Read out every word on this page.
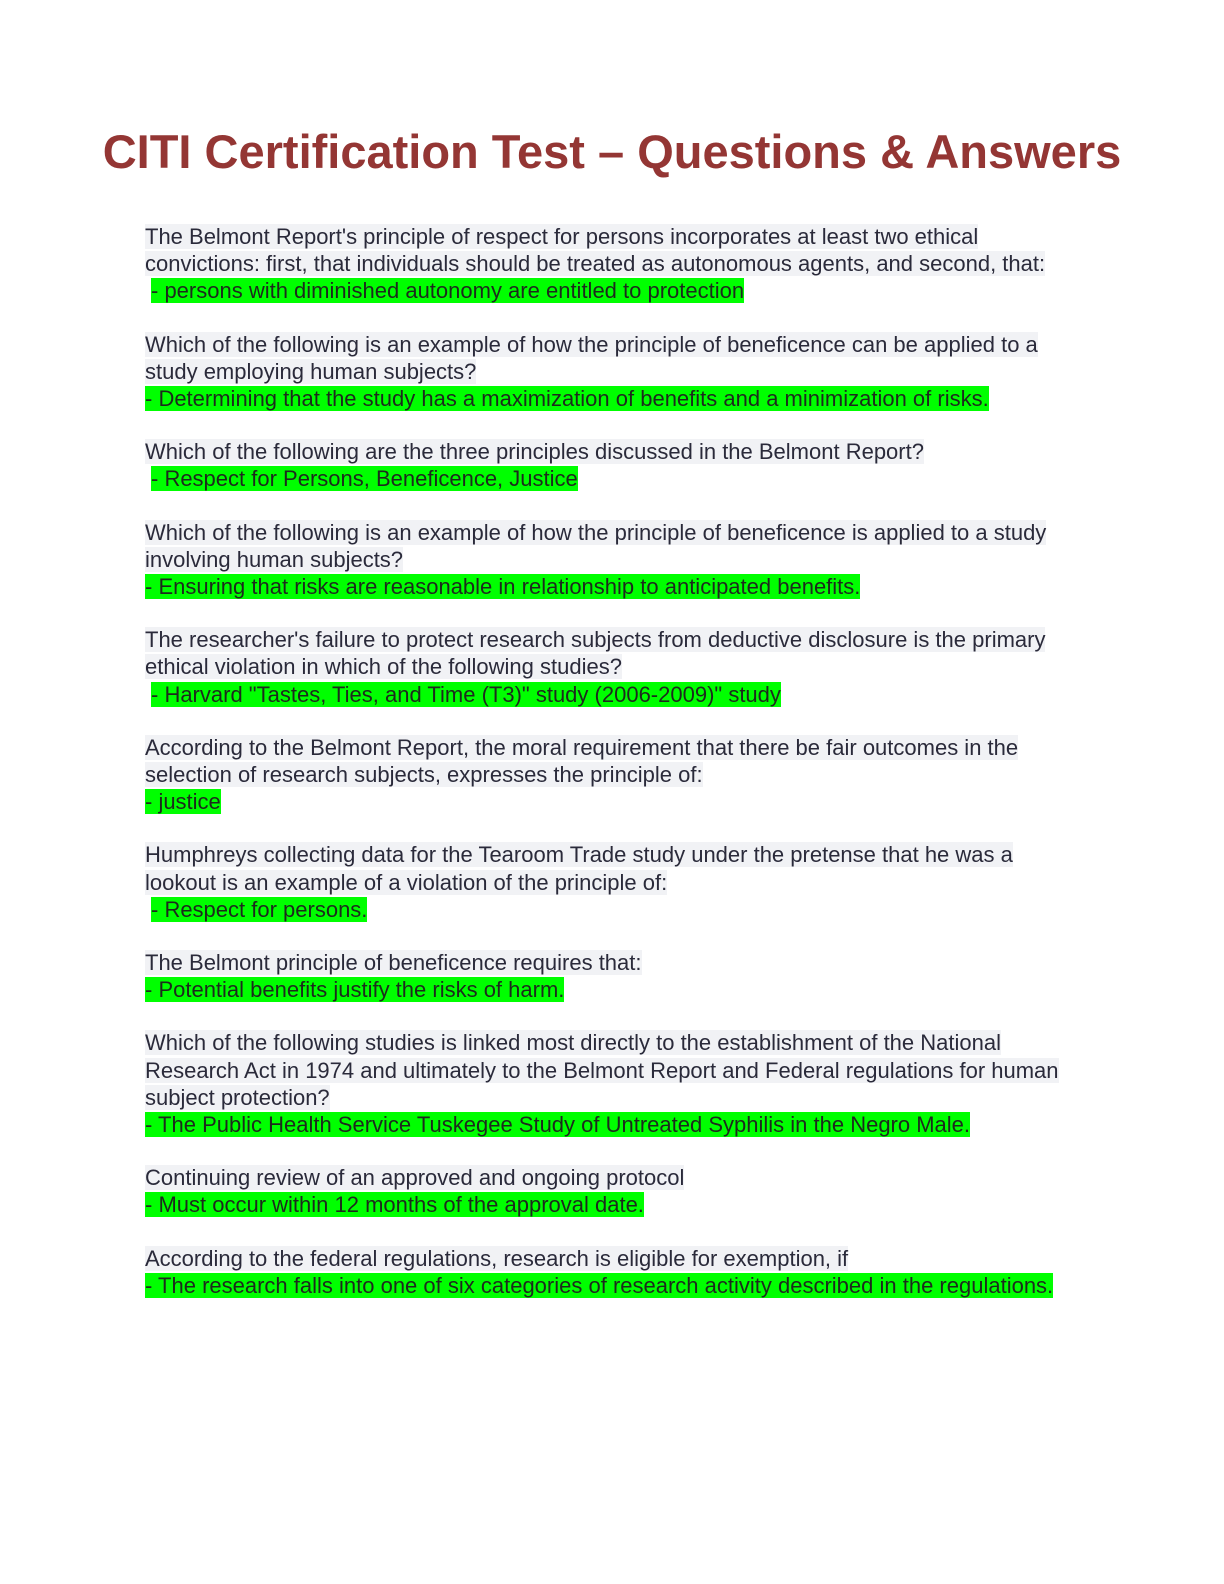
CITI Certification Test – Questions & Answers
The Belmont Report's principle of respect for persons incorporates at least two ethical convictions: first, that individuals should be treated as autonomous agents, and second, that:
- persons with diminished autonomy are entitled to protection
Which of the following is an example of how the principle of beneficence can be applied to a study employing human subjects?
- Determining that the study has a maximization of benefits and a minimization of risks.
Which of the following are the three principles discussed in the Belmont Report?
- Respect for Persons, Beneficence, Justice
Which of the following is an example of how the principle of beneficence is applied to a study involving human subjects?
- Ensuring that risks are reasonable in relationship to anticipated benefits.
The researcher's failure to protect research subjects from deductive disclosure is the primary ethical violation in which of the following studies?
- Harvard "Tastes, Ties, and Time (T3)" study (2006-2009)" study
According to the Belmont Report, the moral requirement that there be fair outcomes in the selection of research subjects, expresses the principle of:
- justice
Humphreys collecting data for the Tearoom Trade study under the pretense that he was a lookout is an example of a violation of the principle of:
- Respect for persons.
The Belmont principle of beneficence requires that:
- Potential benefits justify the risks of harm.
Which of the following studies is linked most directly to the establishment of the National Research Act in 1974 and ultimately to the Belmont Report and Federal regulations for human subject protection?
- The Public Health Service Tuskegee Study of Untreated Syphilis in the Negro Male.
Continuing review of an approved and ongoing protocol
- Must occur within 12 months of the approval date.
According to the federal regulations, research is eligible for exemption, if
- The research falls into one of six categories of research activity described in the regulations.
